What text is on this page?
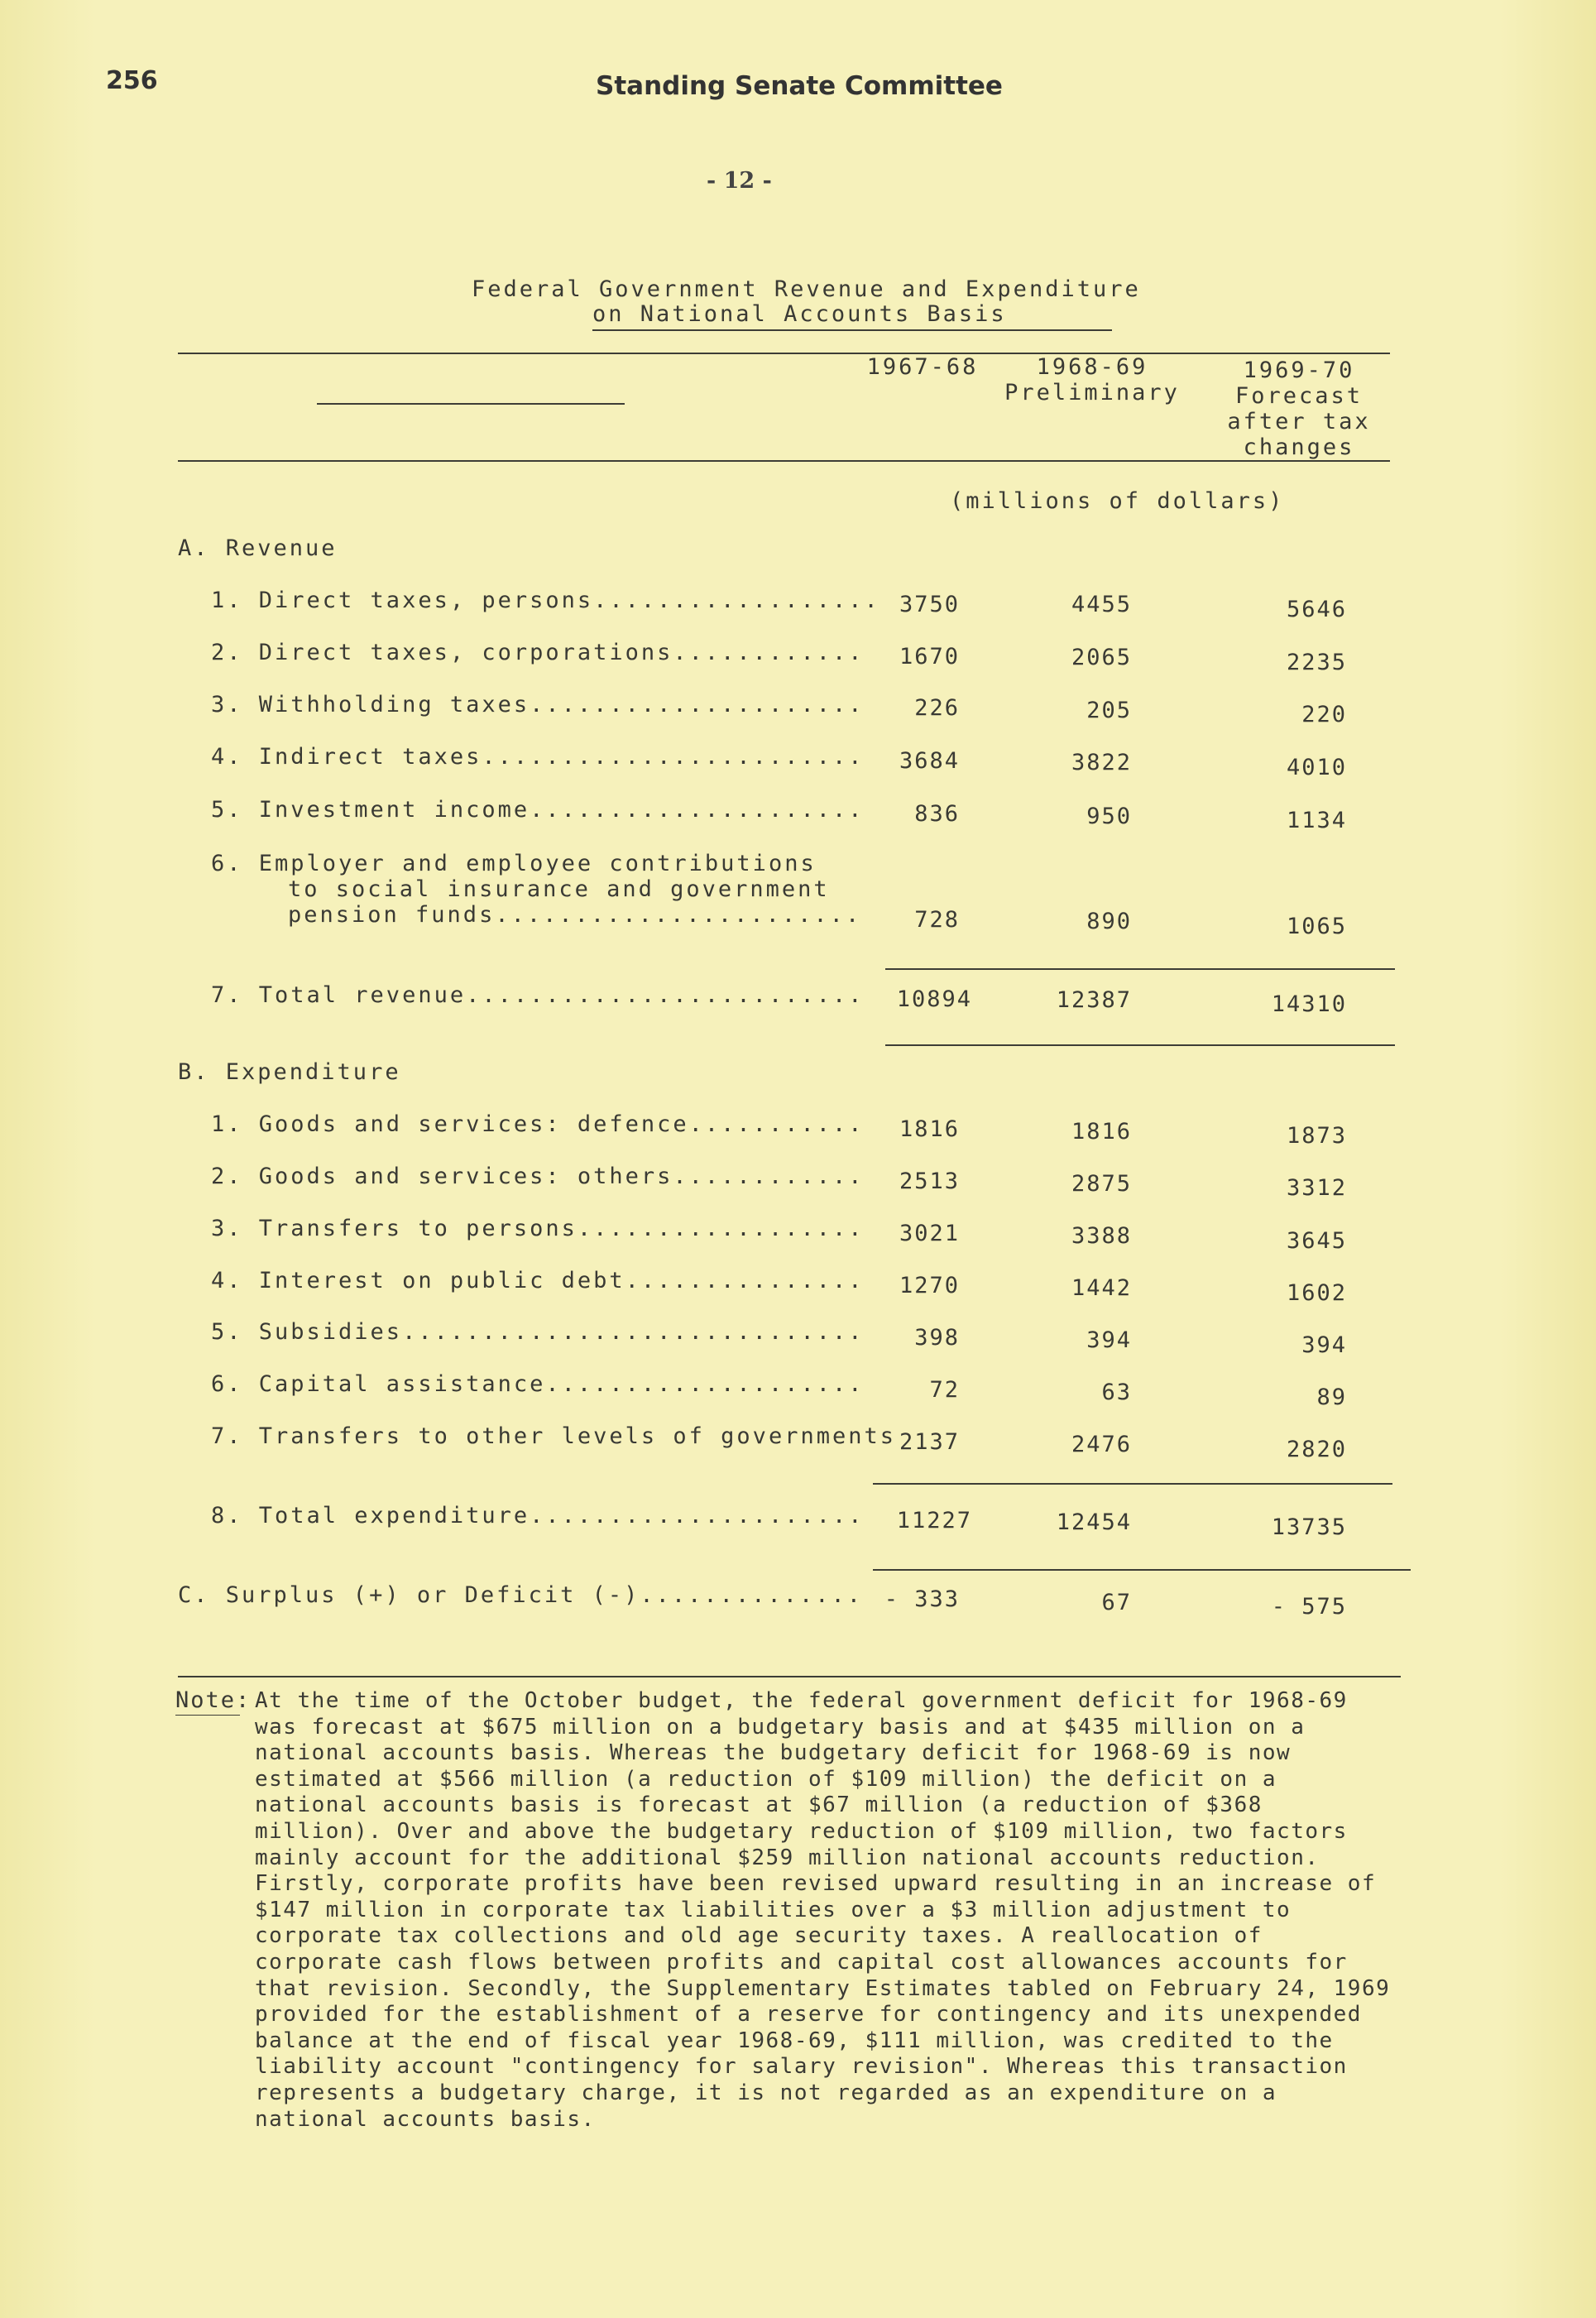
256	Standing Senate Committee
- 12 -
Federal Government Revenue and Expenditure
on National Accounts Basis
1967-68	1968-69
Preliminary
1969-70
Forecast
after tax
changes
(millions of dollars)
A. Revenue
1. Direct taxes, persons.................. 3750	4455	5646
2. Direct taxes, corporations............	1670	2065	2235
3. Withholding taxes.....................	226	205	220
4. Indirect taxes........................	3684	3822	4010
5. Investment income.....................	836	950	1134
6. Employer and employee contributions
to social insurance and government
pension funds.......................	728	890	1065
7. Total revenue.........................	10894	12387	14310
B. Expenditure
1. Goods and services: defence...........	1816	1816	1873
2. Goods and services: others............	2513	2875	3312
3. Transfers to persons..................	3021	3388	3645
4. Interest on public debt...............	1270	1442	1602
5. Subsidies.............................	398	394	394
6. Capital assistance....................	72	63	89
7. Transfers to other levels of governments 2137	2476	2820
8. Total expenditure.....................	11227	12454	13735
C. Surplus (+) or Deficit (-).............. - 333	67	- 575
Note: At the time of the October budget, the federal government deficit for 1968-69 was forecast at $675 million on a budgetary basis and at $435 million on a national accounts basis. Whereas the budgetary deficit for 1968-69 is now estimated at $566 million (a reduction of $109 million) the deficit on a national accounts basis is forecast at $67 million (a reduction of $368 million). Over and above the budgetary reduction of $109 million, two factors mainly account for the additional $259 million national accounts reduction. Firstly, corporate profits have been revised upward resulting in an increase of $147 million in corporate tax liabilities over a $3 million adjustment to corporate tax collections and old age security taxes. A reallocation of corporate cash flows between profits and capital cost allowances accounts for that revision. Secondly, the Supplementary Estimates tabled on February 24, 1969 provided for the establishment of a reserve for contingency and its unexpended balance at the end of fiscal year 1968-69, $111 million, was credited to the liability account "contingency for salary revision". Whereas this transaction represents a budgetary charge, it is not regarded as an expenditure on a national accounts basis.
